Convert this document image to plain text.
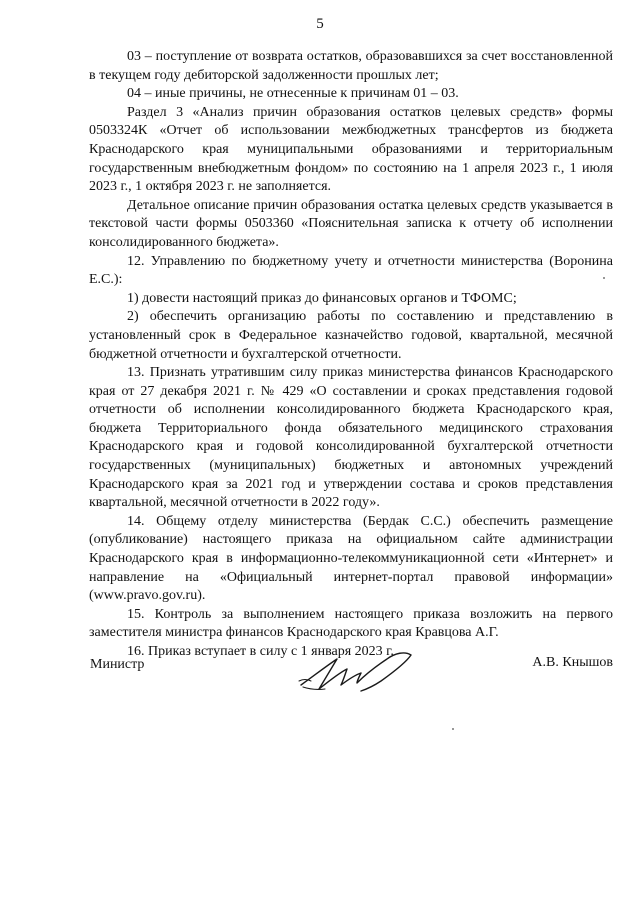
5

03 – поступление от возврата остатков, образовавшихся за счет восстановленной в текущем году дебиторской задолженности прошлых лет;

04 – иные причины, не отнесенные к причинам 01 – 03.

Раздел 3 «Анализ причин образования остатков целевых средств» формы 0503324К «Отчет об использовании межбюджетных трансфертов из бюджета Краснодарского края муниципальными образованиями и территориальным государственным внебюджетным фондом» по состоянию на 1 апреля 2023 г., 1 июля 2023 г., 1 октября 2023 г. не заполняется.

Детальное описание причин образования остатка целевых средств указывается в текстовой части формы 0503360 «Пояснительная записка к отчету об исполнении консолидированного бюджета».

12. Управлению по бюджетному учету и отчетности министерства (Воронина Е.С.):

1) довести настоящий приказ до финансовых органов и ТФОМС;

2) обеспечить организацию работы по составлению и представлению в установленный срок в Федеральное казначейство годовой, квартальной, месячной бюджетной отчетности и бухгалтерской отчетности.

13. Признать утратившим силу приказ министерства финансов Краснодарского края от 27 декабря 2021 г. № 429 «О составлении и сроках представления годовой отчетности об исполнении консолидированного бюджета Краснодарского края, бюджета Территориального фонда обязательного медицинского страхования Краснодарского края и годовой консолидированной бухгалтерской отчетности государственных (муниципальных) бюджетных и автономных учреждений Краснодарского края за 2021 год и утверждении состава и сроков представления квартальной, месячной отчетности в 2022 году».

14. Общему отделу министерства (Бердак С.С.) обеспечить размещение (опубликование) настоящего приказа на официальном сайте администрации Краснодарского края в информационно-телекоммуникационной сети «Интернет» и направление на «Официальный интернет-портал правовой информации» (www.pravo.gov.ru).

15. Контроль за выполнением настоящего приказа возложить на первого заместителя министра финансов Краснодарского края Кравцова А.Г.

16. Приказ вступает в силу с 1 января 2023 г.

Министр	А.В. Кнышов
